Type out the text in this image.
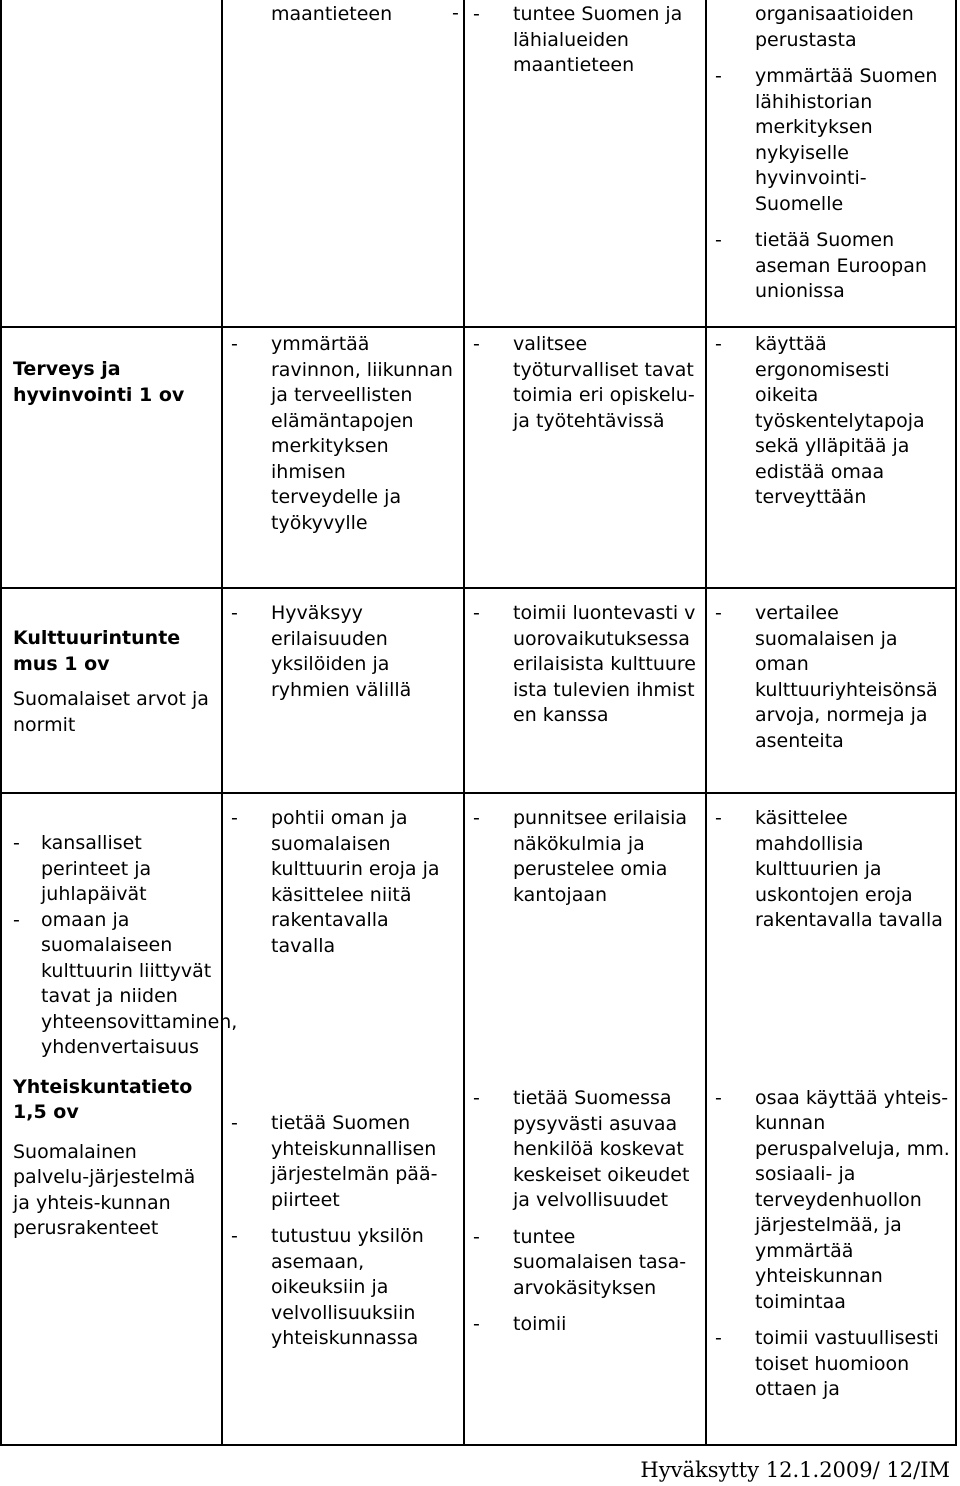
-

maantieteen

-	tuntee Suomen ja lähialueiden maantieteen

organisaatioiden perustasta

- ymmärtää Suomen lähihistorian merkityksen nykyiselle hyvinvointi-Suomelle
- tietää Suomen aseman Euroopan unionissa

Terveys ja hyvinvointi 1 ov

- ymmärtää ravinnon, liikunnan ja terveellisten elämäntapojen merkityksen ihmisen terveydelle ja työkyvylle
- valitsee työturvalliset tavat toimia eri opiskelu- ja työtehtävissä
- käyttää ergonomisesti oikeita työskentelytapoja sekä ylläpitää ja edistää omaa terveyttään

Kulttuurintuntemus 1 ov

Suomalaiset arvot ja normit

- Hyväksyy erilaisuuden yksilöiden ja ryhmien välillä
- toimii luontevasti vuorovaikutuksessa erilaisista kulttuureista tulevien ihmisten kanssa
- vertailee suomalaisen ja oman kulttuuriyhteisönsä arvoja, normeja ja asenteita
- kansalliset perinteet ja juhlapäivät
- omaan ja suomalaiseen kulttuurin liittyvät tavat ja niiden yhteensovittaminen, yhdenvertaisuus

Yhteiskuntatieto

1,5 ov

Suomalainen palvelu-järjestelmä ja yhteis-kunnan perusrakenteet

- pohtii oman ja suomalaisen kulttuurin eroja ja käsittelee niitä rakentavalla tavalla
- tietää Suomen yhteiskunnallisen järjestelmän pää-piirteet
- tutustuu yksilön asemaan, oikeuksiin ja velvollisuuksiin yhteiskunnassa
- punnitsee erilaisia näkökulmia ja perustelee omia kantojaan
- tietää Suomessa pysyvästi asuvaa henkilöä koskevat keskeiset oikeudet ja velvollisuudet
- tuntee suomalaisen tasa-arvokäsityksen
- toimii
- käsittelee mahdollisia kulttuurien ja uskontojen eroja rakentavalla tavalla
- osaa käyttää yhteis-kunnan peruspalveluja, mm. sosiaali- ja terveydenhuollon järjestelmää, ja ymmärtää yhteiskunnan toimintaa
- toimii vastuullisesti toiset huomioon ottaen ja
Hyväksytty 12.1.2009/ 12/IM
